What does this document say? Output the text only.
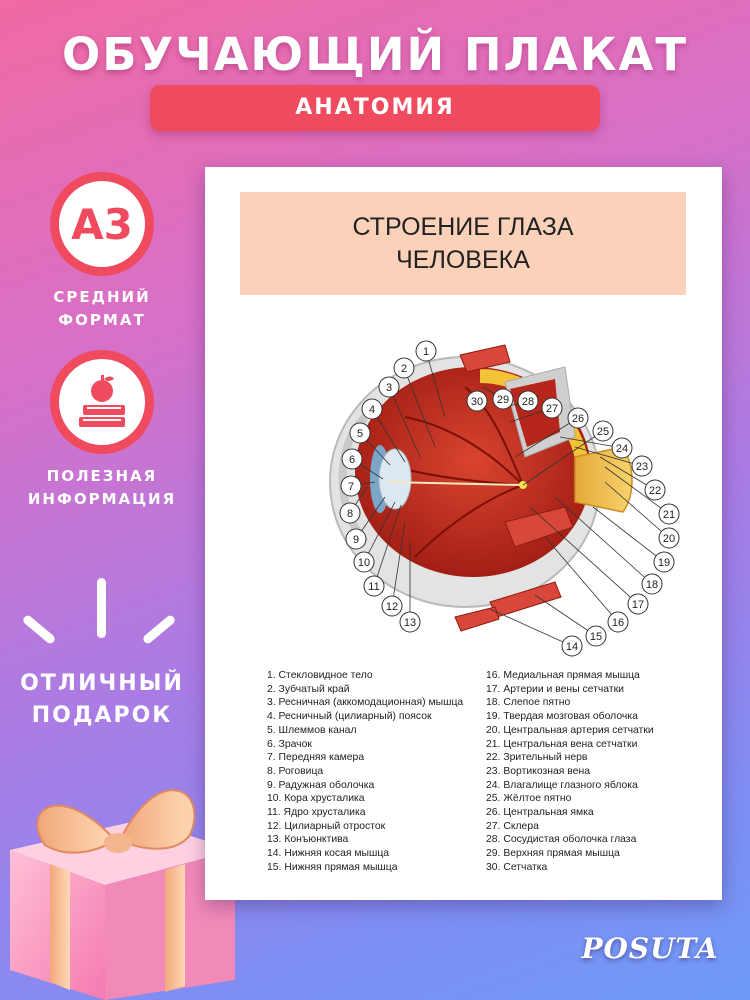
ОБУЧАЮЩИЙ ПЛАКАТ
АНАТОМИЯ
А3
СРЕДНИЙ
ФОРМАТ
ПОЛЕЗНАЯ
ИНФОРМАЦИЯ
ОТЛИЧНЫЙ
ПОДАРОК
СТРОЕНИЕ ГЛАЗА
ЧЕЛОВЕКА
1
2
3
4
5
6
7
8
9
10
11
12
13
14
15
16
17
18
19
20
21
22
23
24
25
26
27
28
29
30
1. Стекловидное тело
2. Зубчатый край
3. Ресничная (аккомодационная) мышца
4. Ресничный (цилиарный) поясок
5. Шлеммов канал
6. Зрачок
7. Передняя камера
8. Роговица
9. Радужная оболочка
10. Кора хрусталика
11. Ядро хрусталика
12. Цилиарный отросток
13. Конъюнктива
14. Нижняя косая мышца
15. Нижняя прямая мышца
16. Медиальная прямая мышца
17. Артерии и вены сетчатки
18. Слепое пятно
19. Твердая мозговая оболочка
20. Центральная артерия сетчатки
21. Центральная вена сетчатки
22. Зрительный нерв
23. Вортикозная вена
24. Влагалище глазного яблока
25. Жёлтое пятно
26. Центральная ямка
27. Склера
28. Сосудистая оболочка глаза
29. Верхняя прямая мышца
30. Сетчатка
POSUTA
